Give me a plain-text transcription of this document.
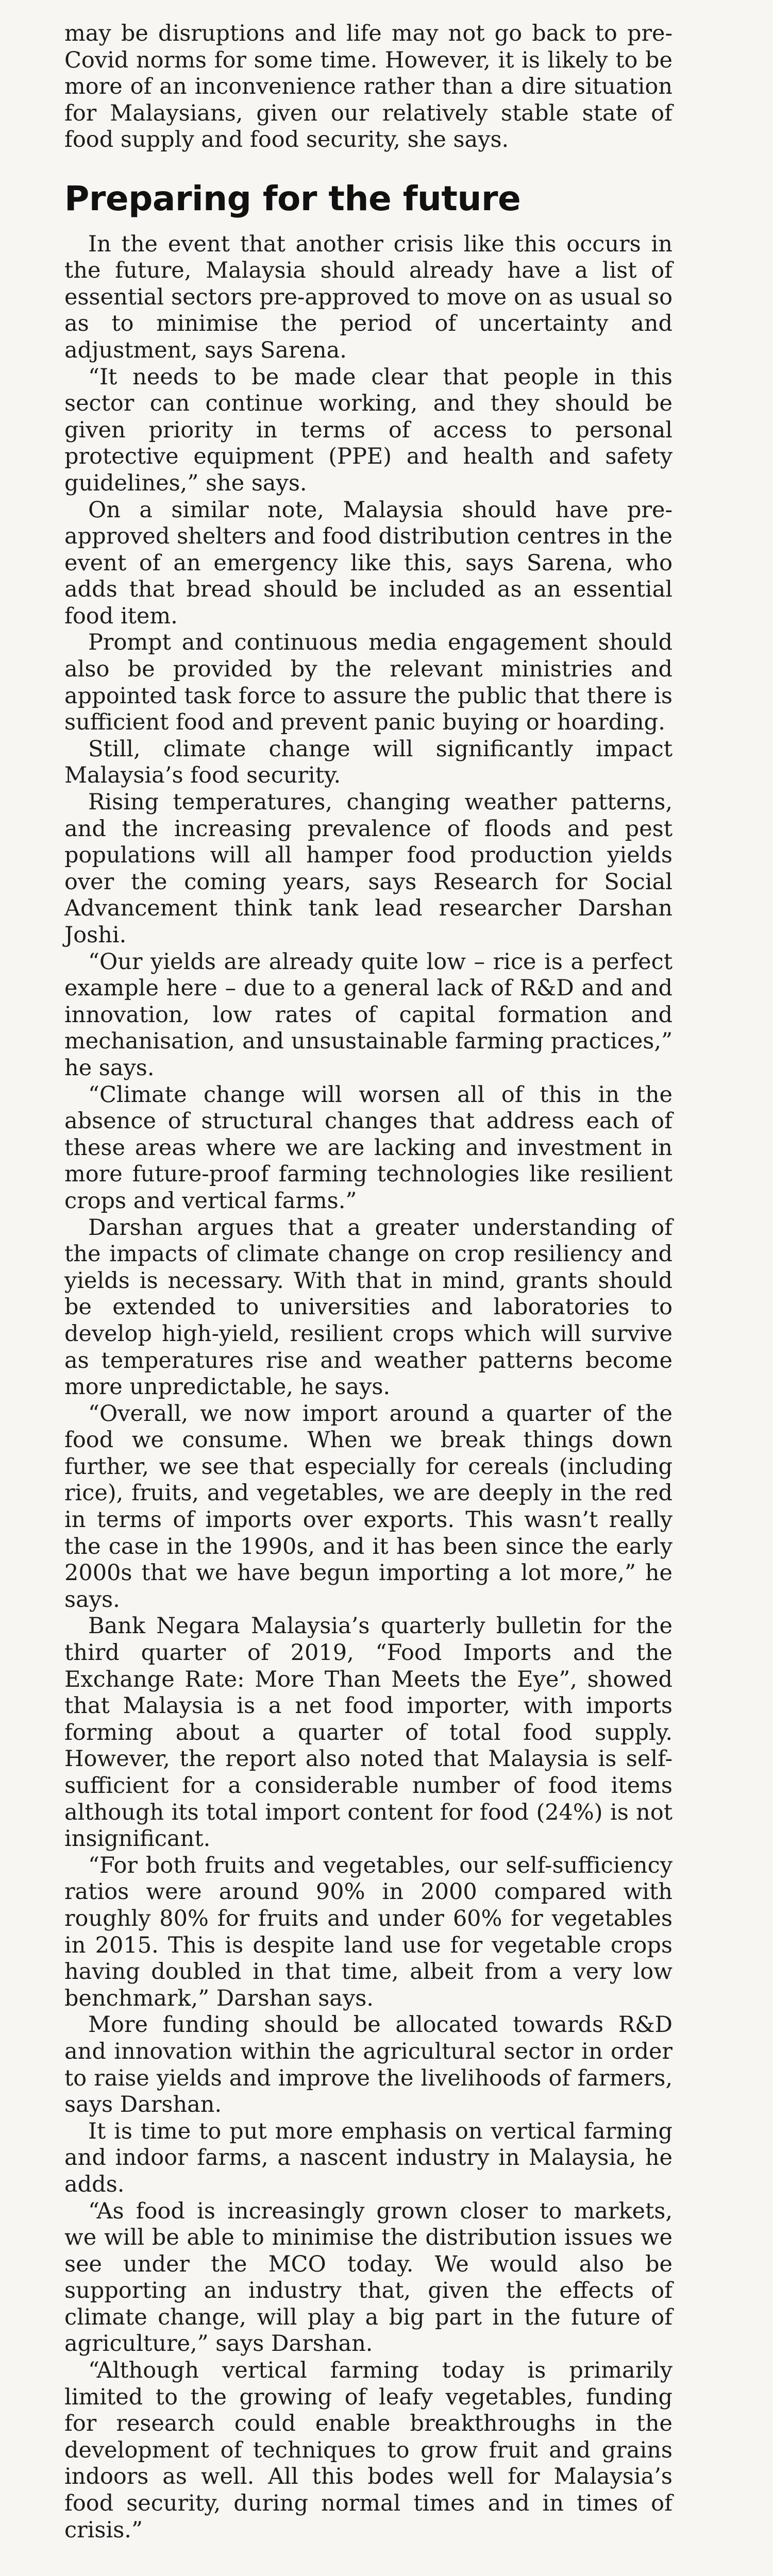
may be disruptions and life may not go back to pre-Covid norms for some time. However, it is likely to be more of an inconvenience rather than a dire situation for Malaysians, given our relatively stable state of food supply and food security, she says.

Preparing for the future

In the event that another crisis like this occurs in the future, Malaysia should already have a list of essential sectors pre-approved to move on as usual so as to minimise the period of uncertainty and adjustment, says Sarena.

“It needs to be made clear that people in this sector can continue working, and they should be given priority in terms of access to personal protective equipment (PPE) and health and safety guidelines,” she says.

On a similar note, Malaysia should have pre-approved shelters and food distribution centres in the event of an emergency like this, says Sarena, who adds that bread should be included as an essential food item.

Prompt and continuous media engagement should also be provided by the relevant ministries and appointed task force to assure the public that there is sufficient food and prevent panic buying or hoarding.

Still, climate change will significantly impact Malaysia’s food security.

Rising temperatures, changing weather patterns, and the increasing prevalence of floods and pest populations will all hamper food production yields over the coming years, says Research for Social Advancement think tank lead researcher Darshan Joshi.

“Our yields are already quite low – rice is a perfect example here – due to a general lack of R&D and and innovation, low rates of capital formation and mechanisation, and unsustainable farming practices,” he says.

“Climate change will worsen all of this in the absence of structural changes that address each of these areas where we are lacking and investment in more future-proof farming technologies like resilient crops and vertical farms.”

Darshan argues that a greater understanding of the impacts of climate change on crop resiliency and yields is necessary. With that in mind, grants should be extended to universities and laboratories to develop high-yield, resilient crops which will survive as temperatures rise and weather patterns become more unpredictable, he says.

“Overall, we now import around a quarter of the food we consume. When we break things down further, we see that especially for cereals (including rice), fruits, and vegetables, we are deeply in the red in terms of imports over exports. This wasn’t really the case in the 1990s, and it has been since the early 2000s that we have begun importing a lot more,” he says.

Bank Negara Malaysia’s quarterly bulletin for the third quarter of 2019, “Food Imports and the Exchange Rate: More Than Meets the Eye”, showed that Malaysia is a net food importer, with imports forming about a quarter of total food supply. However, the report also noted that Malaysia is self-sufficient for a considerable number of food items although its total import content for food (24%) is not insignificant.

“For both fruits and vegetables, our self-sufficiency ratios were around 90% in 2000 compared with roughly 80% for fruits and under 60% for vegetables in 2015. This is despite land use for vegetable crops having doubled in that time, albeit from a very low benchmark,” Darshan says.

More funding should be allocated towards R&D and innovation within the agricultural sector in order to raise yields and improve the livelihoods of farmers, says Darshan.

It is time to put more emphasis on vertical farming and indoor farms, a nascent industry in Malaysia, he adds.

“As food is increasingly grown closer to markets, we will be able to minimise the distribution issues we see under the MCO today. We would also be supporting an industry that, given the effects of climate change, will play a big part in the future of agriculture,” says Darshan.

“Although vertical farming today is primarily limited to the growing of leafy vegetables, funding for research could enable breakthroughs in the development of techniques to grow fruit and grains indoors as well. All this bodes well for Malaysia’s food security, during normal times and in times of crisis.”
